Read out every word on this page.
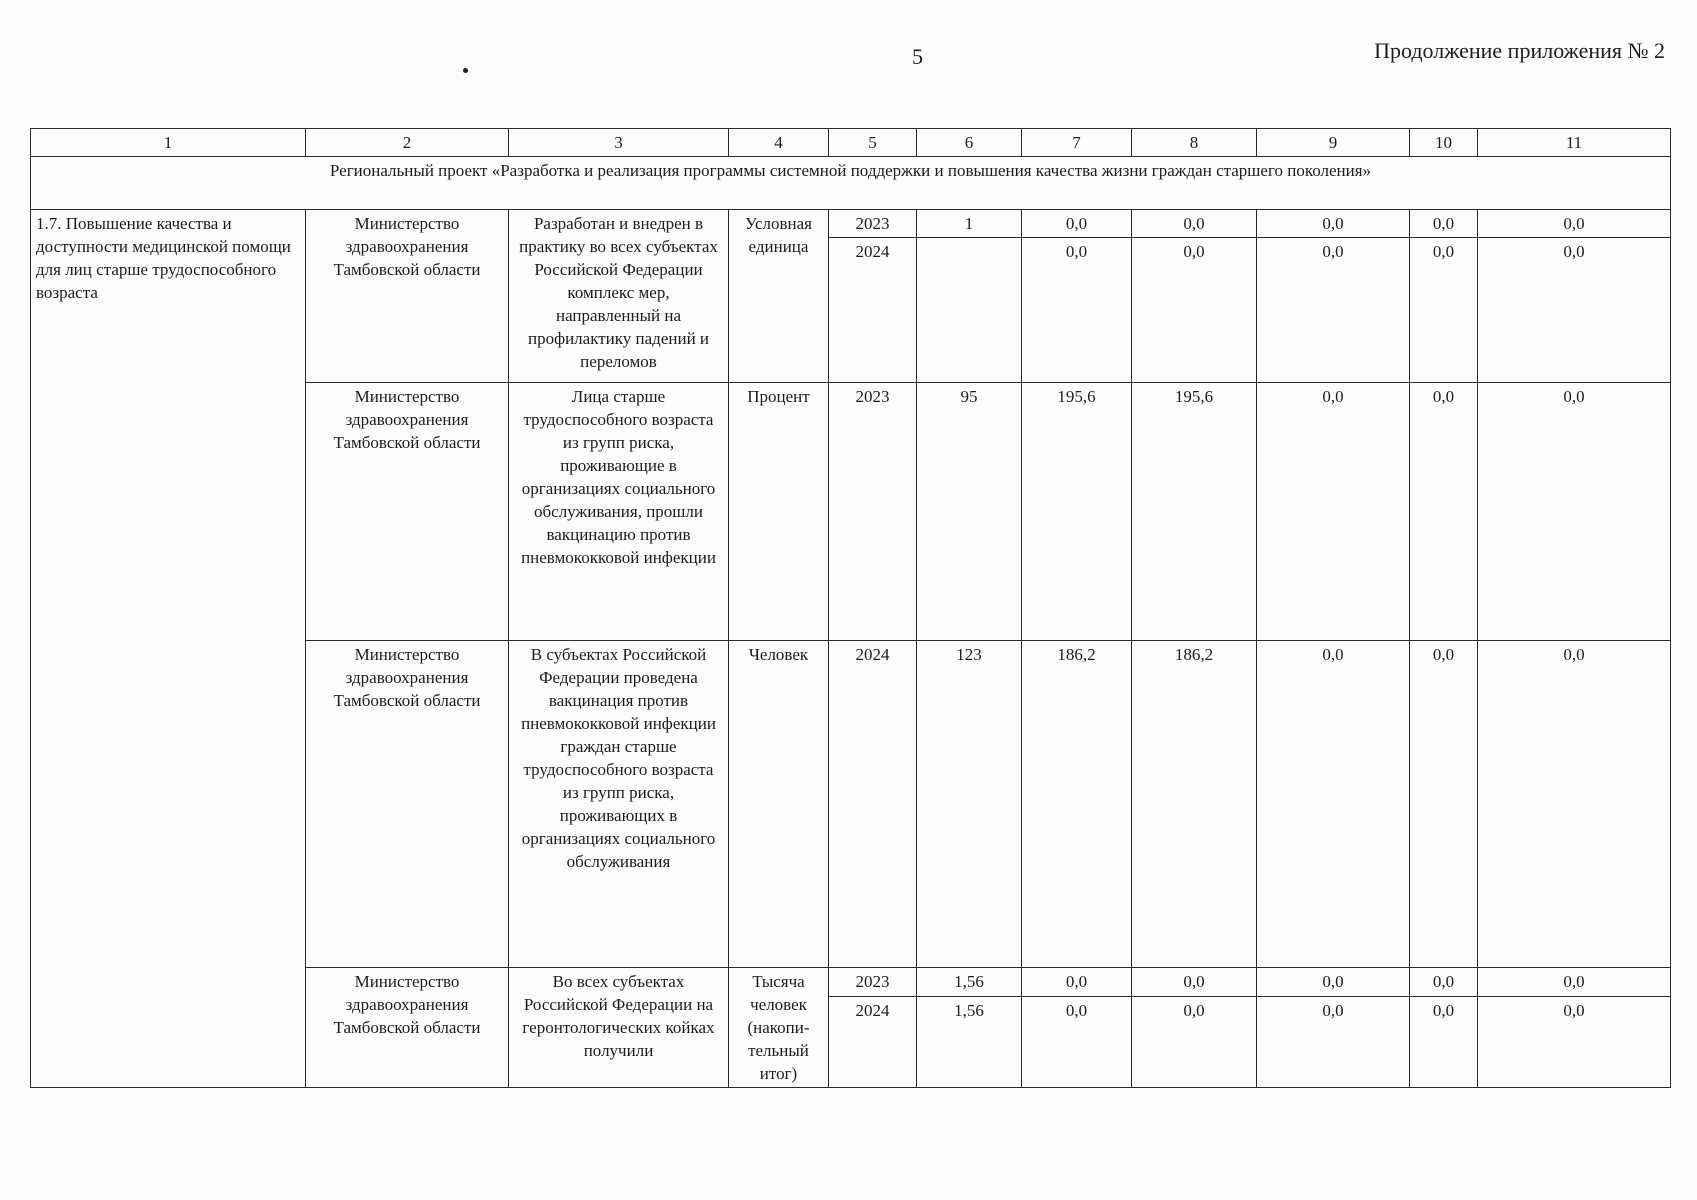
5	Продолжение приложения № 2
1	2	3	4	5	6	7	8	9	10	11
Региональный проект «Разработка и реализация программы системной поддержки и повышения качества жизни граждан старшего поколения»										
1.7. Повышение качества и доступности медицинской помощи для лиц старше трудоспособного возраста	Министерство здравоохранения Тамбовской области	Разработан и внедрен в практику во всех субъектах Российской Федерации комплекс мер, направленный на профилактику падений и переломов	Условная единица	2023	1	0,0	0,0	0,0	0,0	0,0
				2024		0,0	0,0	0,0	0,0	0,0
	Министерство здравоохранения Тамбовской области	Лица старше трудоспособного возраста из групп риска, проживающие в организациях социального обслуживания, прошли вакцинацию против пневмококковой инфекции	Процент	2023	95	195,6	195,6	0,0	0,0	0,0
	Министерство здравоохранения Тамбовской области	В субъектах Российской Федерации проведена вакцинация против пневмококковой инфекции граждан старше трудоспособного возраста из групп риска, проживающих в организациях социального обслуживания	Человек	2024	123	186,2	186,2	0,0	0,0	0,0
	Министерство здравоохранения Тамбовской области	Во всех субъектах Российской Федерации на геронтологических койках получили	Тысяча человек (накопи-тельный итог)	2023	1,56	0,0	0,0	0,0	0,0	0,0
				2024	1,56	0,0	0,0	0,0	0,0	0,0
